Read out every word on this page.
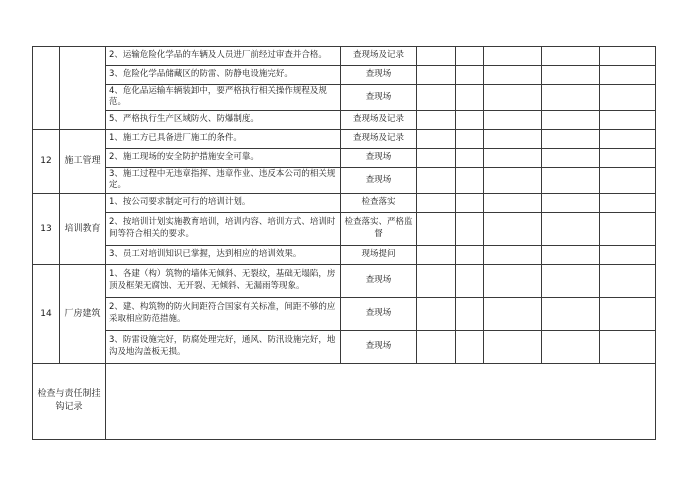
		2、运输危险化学品的车辆及人员进厂前经过审查并合格。	查现场及记录					
		3、危险化学品储藏区的防雷、防静电设施完好。	查现场					
		4、危化品运输车辆装卸中，要严格执行相关操作规程及规范。	查现场					
		5、严格执行生产区域防火、防爆制度。	查现场及记录					
12	施工管理	1、施工方已具备进厂施工的条件。	查现场及记录					
		2、施工现场的安全防护措施安全可靠。	查现场					
		3、施工过程中无违章指挥、违章作业、违反本公司的相关规定。	查现场					
13	培训教育	1、按公司要求制定可行的培训计划。	检查落实					
		2、按培训计划实施教育培训，培训内容、培训方式、培训时间等符合相关的要求。	检查落实、严格监督					
		3、员工对培训知识已掌握，达到相应的培训效果。	现场提问					
14	厂房建筑	1、各建（构）筑物的墙体无倾斜、无裂纹，基础无塌陷，房顶及框架无腐蚀、无开裂、无倾斜、无漏雨等现象。	查现场					
		2、建、构筑物的防火间距符合国家有关标准，间距不够的应采取相应防范措施。	查现场					
		3、防雷设施完好，防腐处理完好，通风、防汛设施完好，地沟及地沟盖板无损。	查现场					
检查与责任制挂钩记录								
